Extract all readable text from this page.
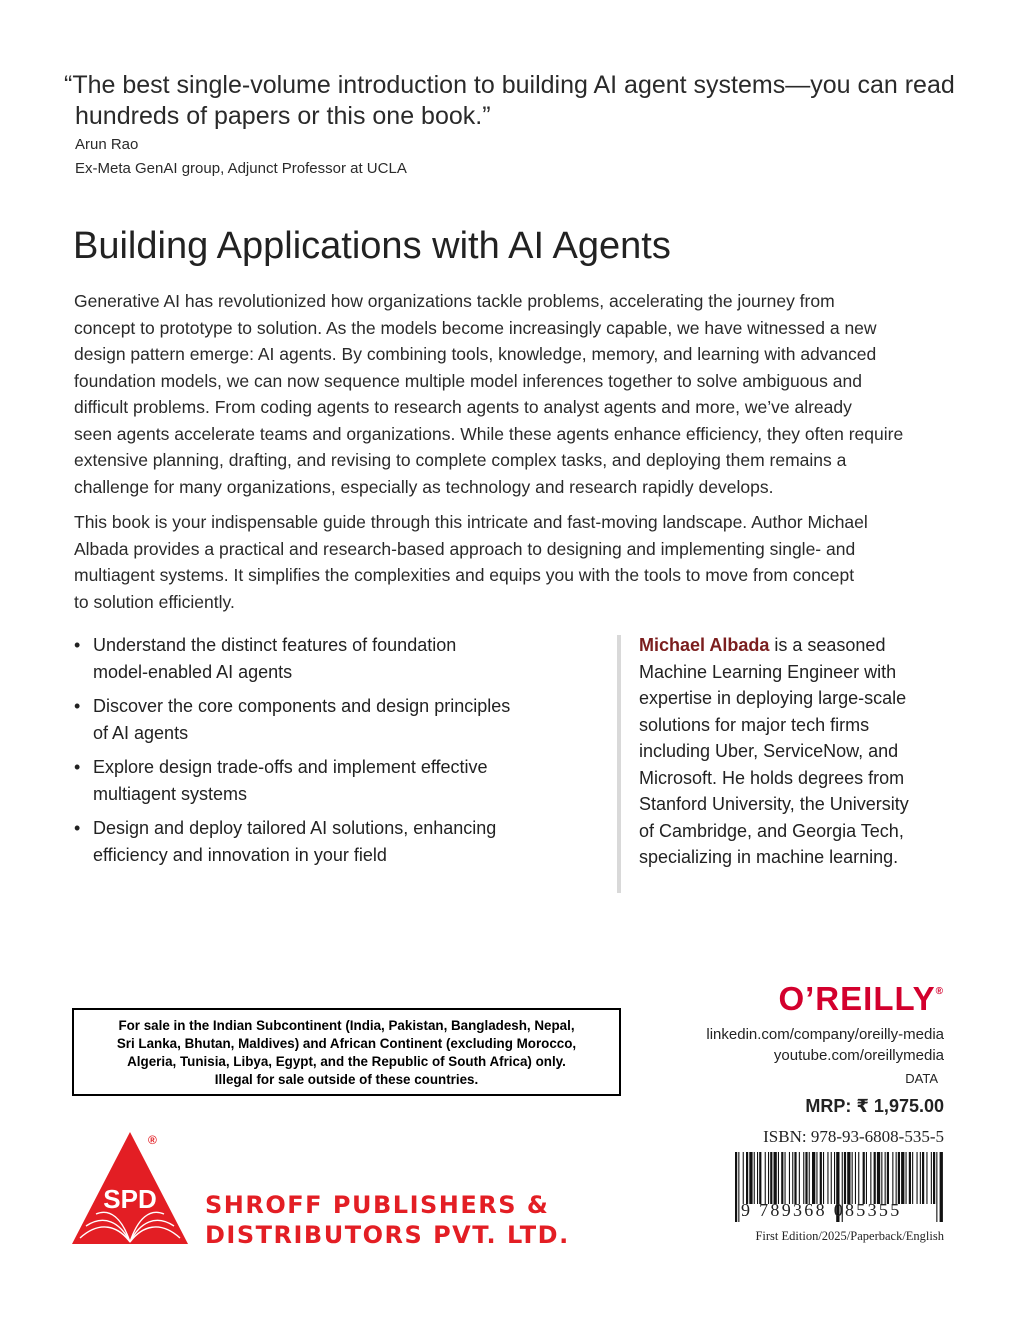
“The best single-volume introduction to building AI agent systems—you can read
hundreds of papers or this one book.”
Arun Rao
Ex-Meta GenAI group, Adjunct Professor at UCLA
Building Applications with AI Agents
Generative AI has revolutionized how organizations tackle problems, accelerating the journey from
concept to prototype to solution. As the models become increasingly capable, we have witnessed a new
design pattern emerge: AI agents. By combining tools, knowledge, memory, and learning with advanced
foundation models, we can now sequence multiple model inferences together to solve ambiguous and
difficult problems. From coding agents to research agents to analyst agents and more, we’ve already
seen agents accelerate teams and organizations. While these agents enhance efficiency, they often require
extensive planning, drafting, and revising to complete complex tasks, and deploying them remains a
challenge for many organizations, especially as technology and research rapidly develops.
This book is your indispensable guide through this intricate and fast-moving landscape. Author Michael
Albada provides a practical and research-based approach to designing and implementing single- and
multiagent systems. It simplifies the complexities and equips you with the tools to move from concept
to solution efficiently.
• Understand the distinct features of foundation
model-enabled AI agents
• Discover the core components and design principles
of AI agents
• Explore design trade-offs and implement effective
multiagent systems
• Design and deploy tailored AI solutions, enhancing
efficiency and innovation in your field
Michael Albada is a seasoned
Machine Learning Engineer with
expertise in deploying large-scale
solutions for major tech firms
including Uber, ServiceNow, and
Microsoft. He holds degrees from
Stanford University, the University
of Cambridge, and Georgia Tech,
specializing in machine learning.
For sale in the Indian Subcontinent (India, Pakistan, Bangladesh, Nepal,
Sri Lanka, Bhutan, Maldives) and African Continent (excluding Morocco,
Algeria, Tunisia, Libya, Egypt, and the Republic of South Africa) only.
Illegal for sale outside of these countries.
SPD
®
SHROFF PUBLISHERS &
DISTRIBUTORS PVT. LTD.
O’REILLY®
linkedin.com/company/oreilly-media
youtube.com/oreillymedia
DATA
MRP: ₹ 1,975.00
ISBN: 978-93-6808-535-5
9 789368 085355
First Edition/2025/Paperback/English
